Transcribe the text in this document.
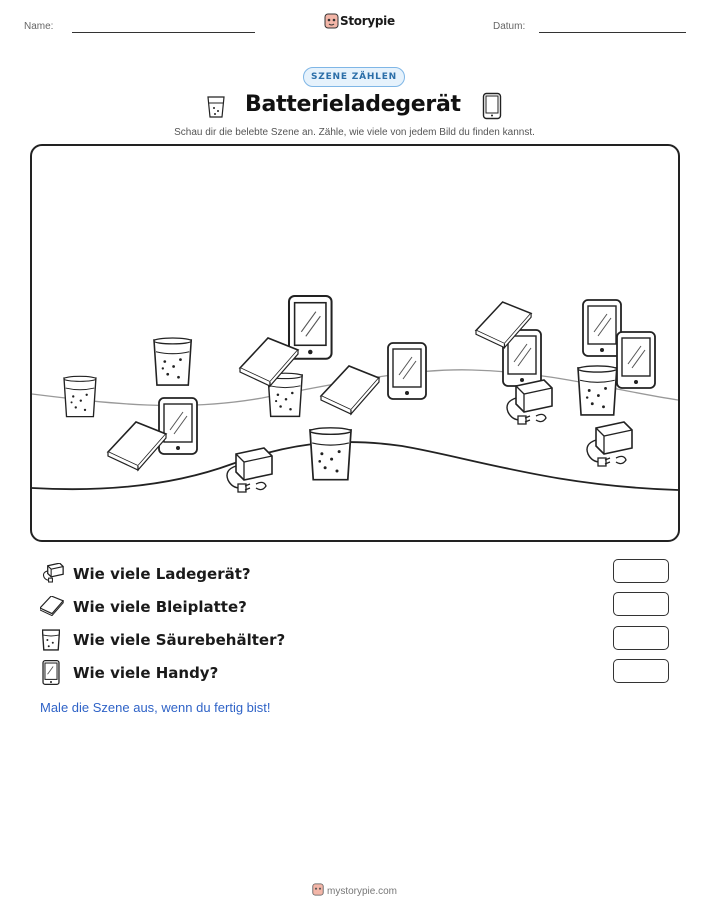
Name:	Storypie	Datum:
SZENE ZÄHLEN
Batterieladegerät
Schau dir die belebte Szene an. Zähle, wie viele von jedem Bild du finden kannst.
Wie viele Ladegerät?
Wie viele Bleiplatte?
Wie viele Säurebehälter?
Wie viele Handy?
Male die Szene aus, wenn du fertig bist!
mystorypie.com
